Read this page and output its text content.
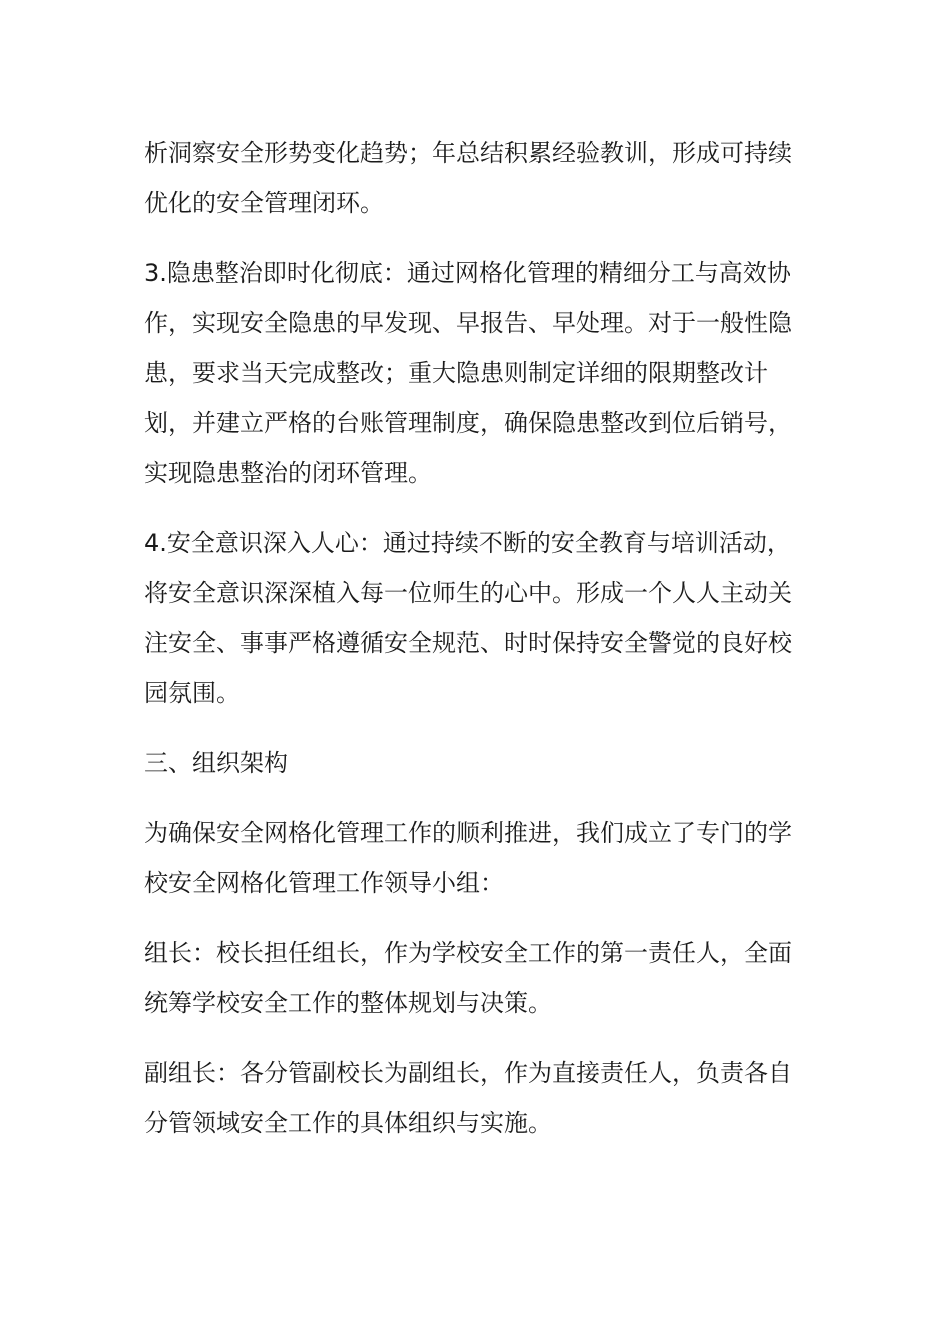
析洞察安全形势变化趋势；年总结积累经验教训，形成可持续优化的安全管理闭环。

3.隐患整治即时化彻底：通过网格化管理的精细分工与高效协作，实现安全隐患的早发现、早报告、早处理。对于一般性隐患，要求当天完成整改；重大隐患则制定详细的限期整改计划，并建立严格的台账管理制度，确保隐患整改到位后销号，实现隐患整治的闭环管理。

4.安全意识深入人心：通过持续不断的安全教育与培训活动，将安全意识深深植入每一位师生的心中。形成一个人人主动关注安全、事事严格遵循安全规范、时时保持安全警觉的良好校园氛围。

三、组织架构

为确保安全网格化管理工作的顺利推进，我们成立了专门的学校安全网格化管理工作领导小组：

组长：校长担任组长，作为学校安全工作的第一责任人，全面统筹学校安全工作的整体规划与决策。

副组长：各分管副校长为副组长，作为直接责任人，负责各自分管领域安全工作的具体组织与实施。
